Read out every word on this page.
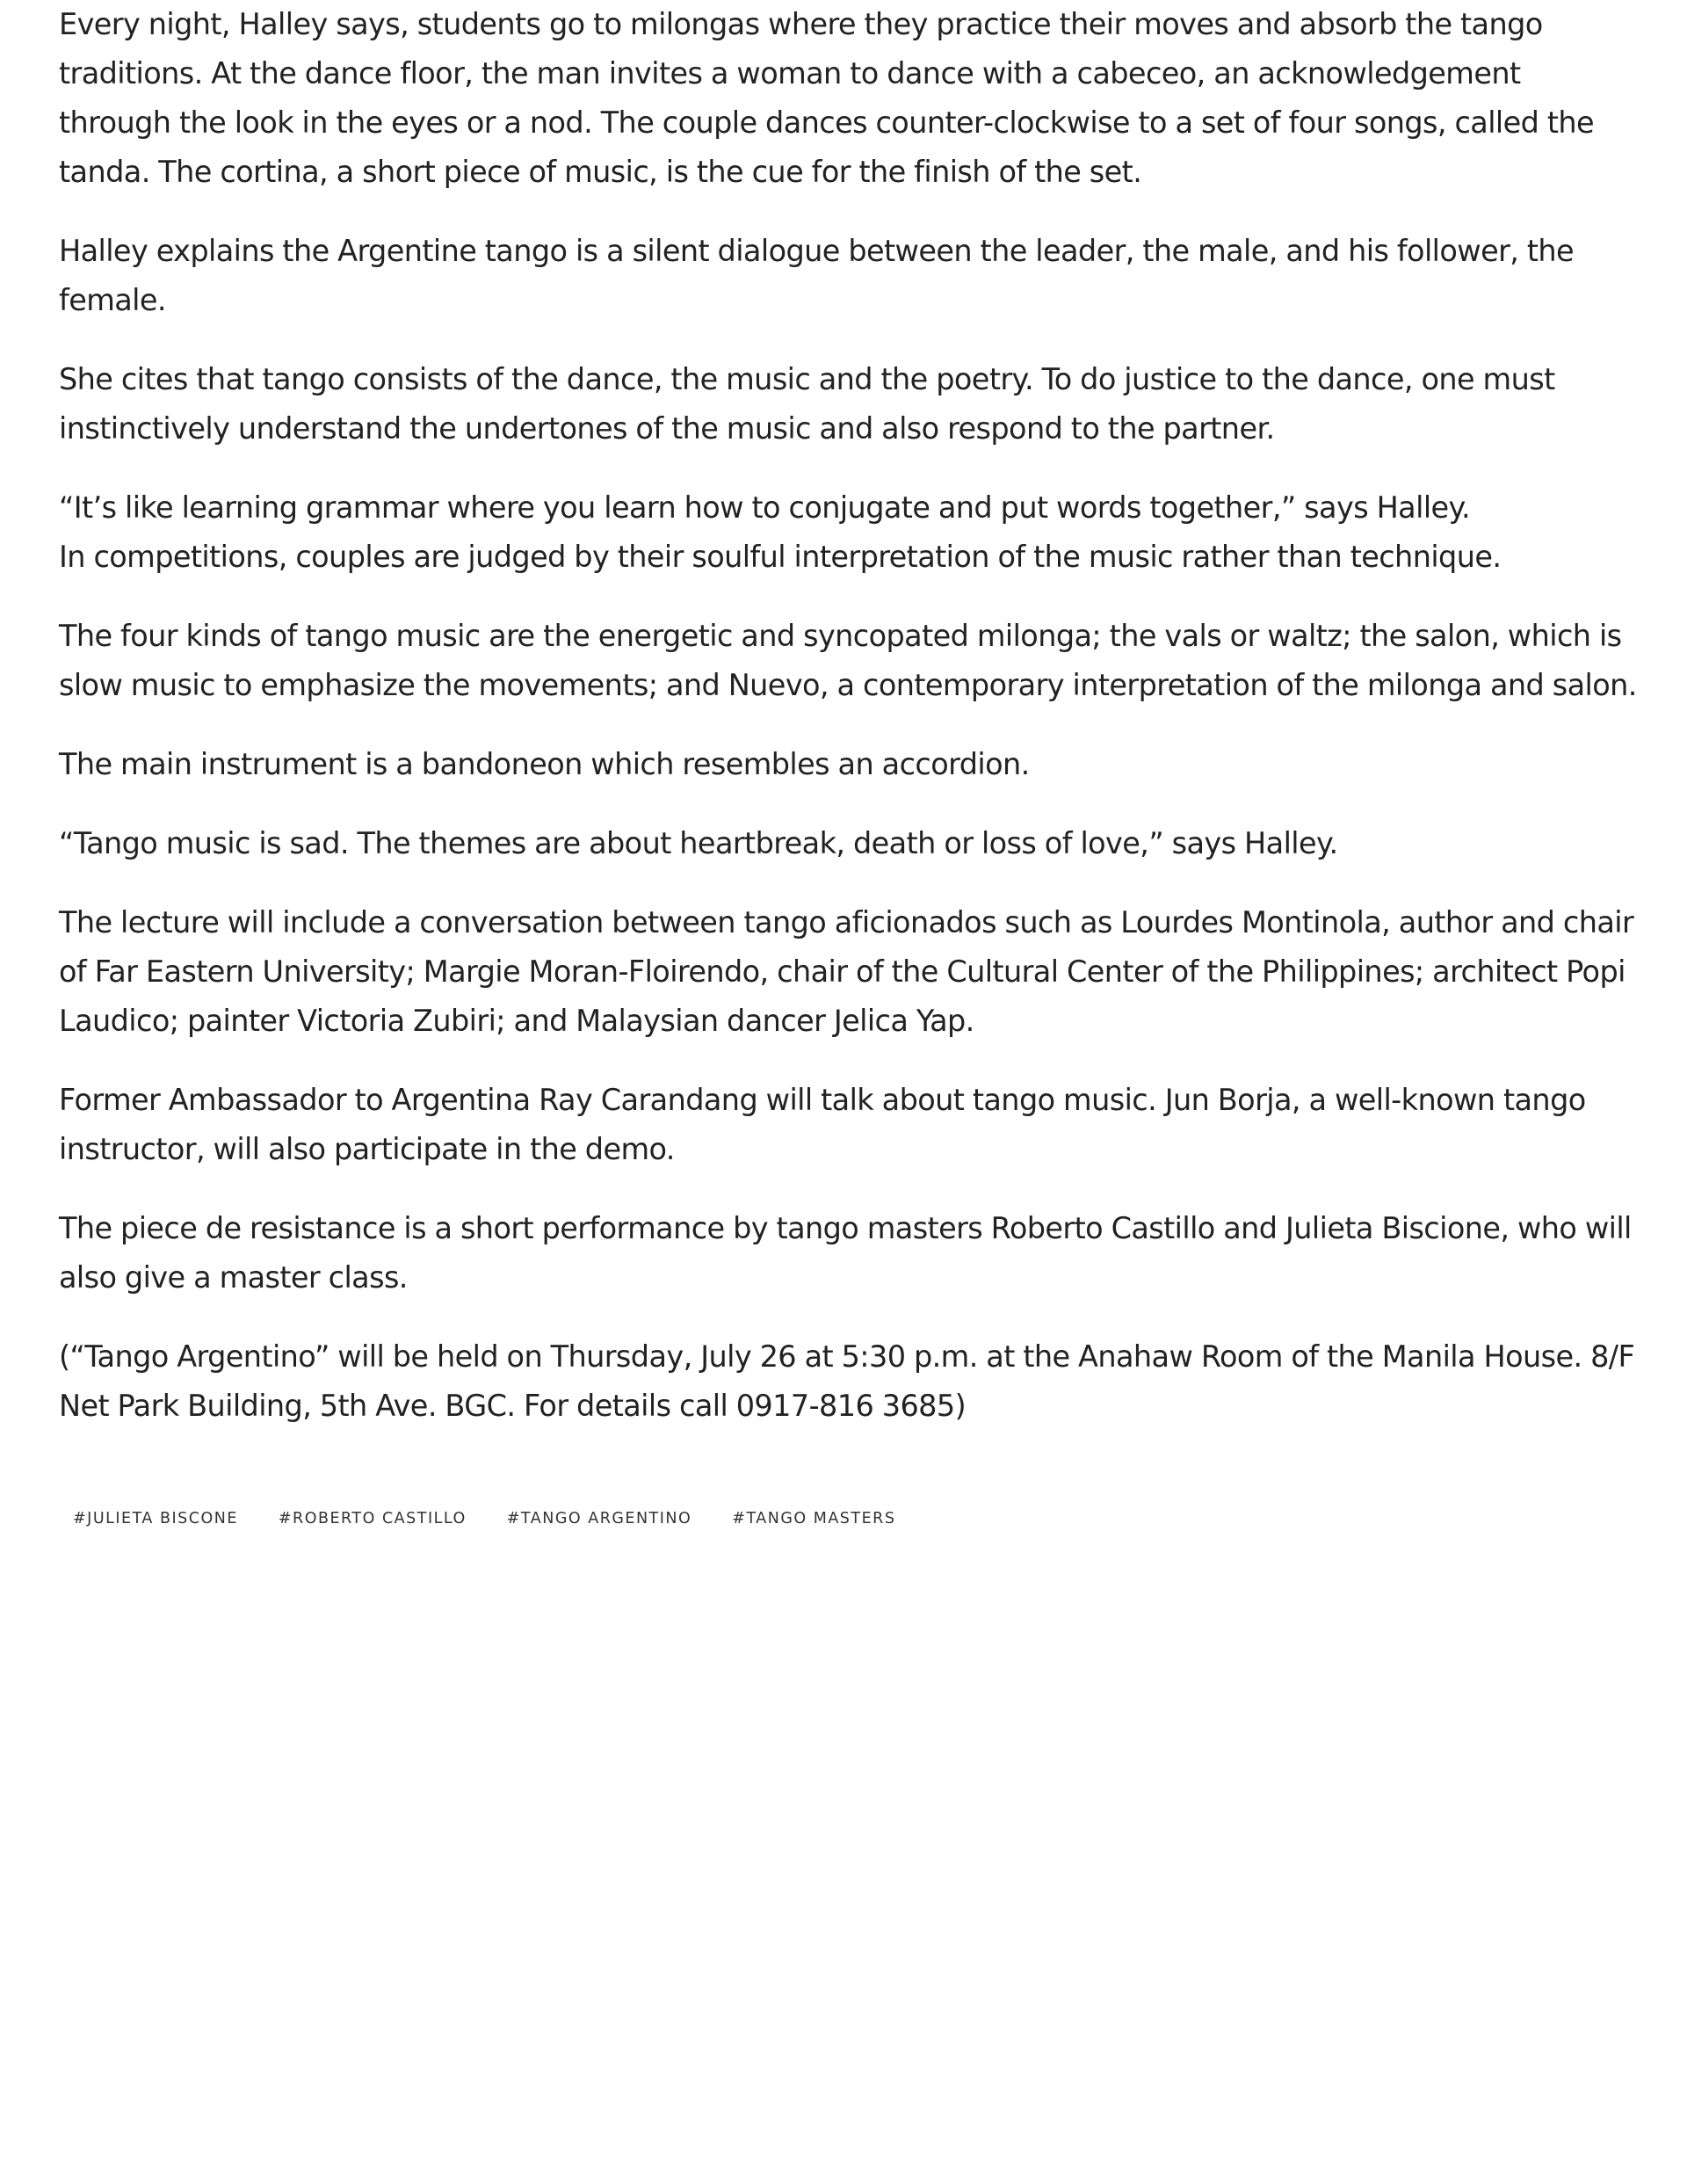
Every night, Halley says, students go to milongas where they practice their moves and absorb the tango traditions. At the dance floor, the man invites a woman to dance with a cabeceo, an acknowledgement through the look in the eyes or a nod. The couple dances counter-clockwise to a set of four songs, called the tanda. The cortina, a short piece of music, is the cue for the finish of the set.

Halley explains the Argentine tango is a silent dialogue between the leader, the male, and his follower, the female.

She cites that tango consists of the dance, the music and the poetry. To do justice to the dance, one must instinctively understand the undertones of the music and also respond to the partner.

“It’s like learning grammar where you learn how to conjugate and put words together,” says Halley.
In competitions, couples are judged by their soulful interpretation of the music rather than technique.

The four kinds of tango music are the energetic and syncopated milonga; the vals or waltz; the salon, which is slow music to emphasize the movements; and Nuevo, a contemporary interpretation of the milonga and salon.

The main instrument is a bandoneon which resembles an accordion.

“Tango music is sad. The themes are about heartbreak, death or loss of love,” says Halley.

The lecture will include a conversation between tango aficionados such as Lourdes Montinola, author and chair of Far Eastern University; Margie Moran-Floirendo, chair of the Cultural Center of the Philippines; architect Popi Laudico; painter Victoria Zubiri; and Malaysian dancer Jelica Yap.

Former Ambassador to Argentina Ray Carandang will talk about tango music. Jun Borja, a well-known tango instructor, will also participate in the demo.

The piece de resistance is a short performance by tango masters Roberto Castillo and Julieta Biscione, who will also give a master class.

(“Tango Argentino” will be held on Thursday, July 26 at 5:30 p.m. at the Anahaw Room of the Manila House. 8/F Net Park Building, 5th Ave. BGC. For details call 0917-816 3685)

#JULIETA BISCONE	#ROBERTO CASTILLO	#TANGO ARGENTINO	#TANGO MASTERS
